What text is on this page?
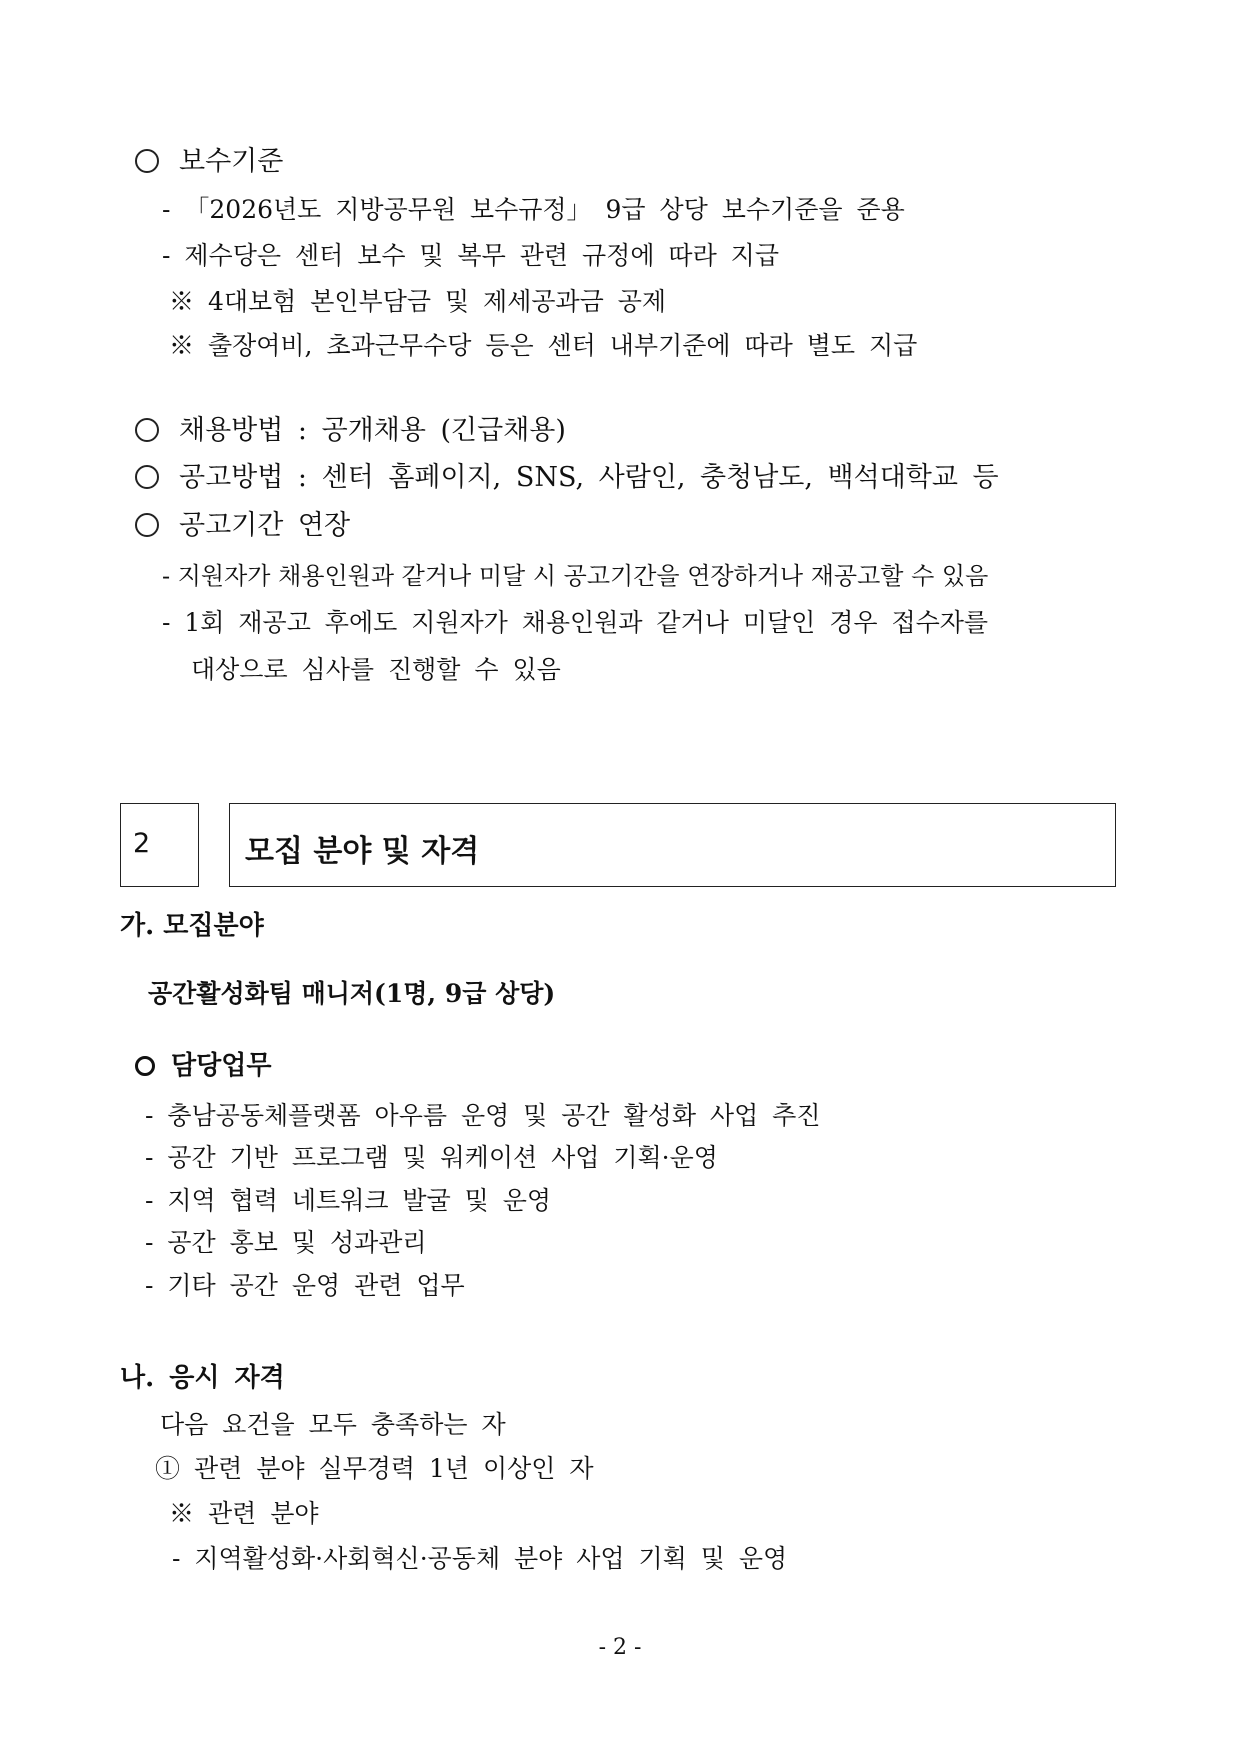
보수기준
- 「2026년도 지방공무원 보수규정」 9급 상당 보수기준을 준용
- 제수당은 센터 보수 및 복무 관련 규정에 따라 지급
※ 4대보험 본인부담금 및 제세공과금 공제
※ 출장여비, 초과근무수당 등은 센터 내부기준에 따라 별도 지급
채용방법 : 공개채용 (긴급채용)
공고방법 : 센터 홈페이지, SNS, 사람인, 충청남도, 백석대학교 등
공고기간 연장
- 지원자가 채용인원과 같거나 미달 시 공고기간을 연장하거나 재공고할 수 있음
- 1회 재공고 후에도 지원자가 채용인원과 같거나 미달인 경우 접수자를
대상으로 심사를 진행할 수 있음
2	모집 분야 및 자격
가. 모집분야
공간활성화팀 매니저(1명, 9급 상당)
담당업무
- 충남공동체플랫폼 아우름 운영 및 공간 활성화 사업 추진
- 공간 기반 프로그램 및 워케이션 사업 기획·운영
- 지역 협력 네트워크 발굴 및 운영
- 공간 홍보 및 성과관리
- 기타 공간 운영 관련 업무
나. 응시 자격
다음 요건을 모두 충족하는 자
① 관련 분야 실무경력 1년 이상인 자
※ 관련 분야
- 지역활성화·사회혁신·공동체 분야 사업 기획 및 운영
- 2 -
